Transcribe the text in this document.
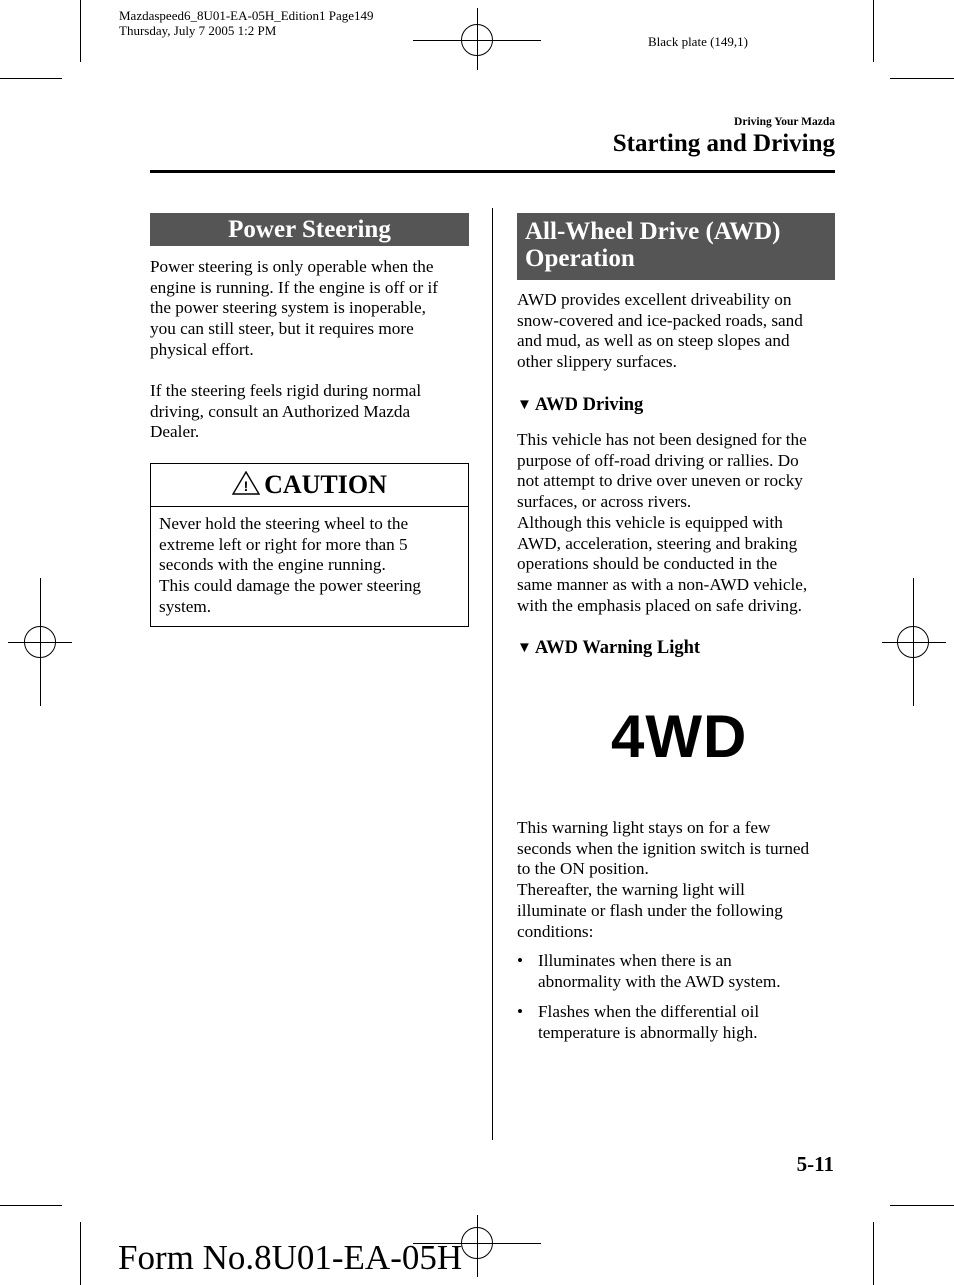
Mazdaspeed6_8U01-EA-05H_Edition1 Page149
Thursday, July 7 2005 1:2 PM
Black plate (149,1)
Driving Your Mazda
Starting and Driving
Power Steering
Power steering is only operable when the
engine is running. If the engine is off or if
the power steering system is inoperable,
you can still steer, but it requires more
physical effort.
If the steering feels rigid during normal
driving, consult an Authorized Mazda
Dealer.
! CAUTION
Never hold the steering wheel to the
extreme left or right for more than 5
seconds with the engine running.
This could damage the power steering
system.
All-Wheel Drive (AWD)
Operation
AWD provides excellent driveability on
snow-covered and ice-packed roads, sand
and mud, as well as on steep slopes and
other slippery surfaces.
▼ AWD Driving
This vehicle has not been designed for the
purpose of off-road driving or rallies. Do
not attempt to drive over uneven or rocky
surfaces, or across rivers.
Although this vehicle is equipped with
AWD, acceleration, steering and braking
operations should be conducted in the
same manner as with a non-AWD vehicle,
with the emphasis placed on safe driving.
▼ AWD Warning Light
4WD
This warning light stays on for a few
seconds when the ignition switch is turned
to the ON position.
Thereafter, the warning light will
illuminate or flash under the following
conditions:
• Illuminates when there is an
abnormality with the AWD system.
• Flashes when the differential oil
temperature is abnormally high.
5-11
Form No.8U01-EA-05H
